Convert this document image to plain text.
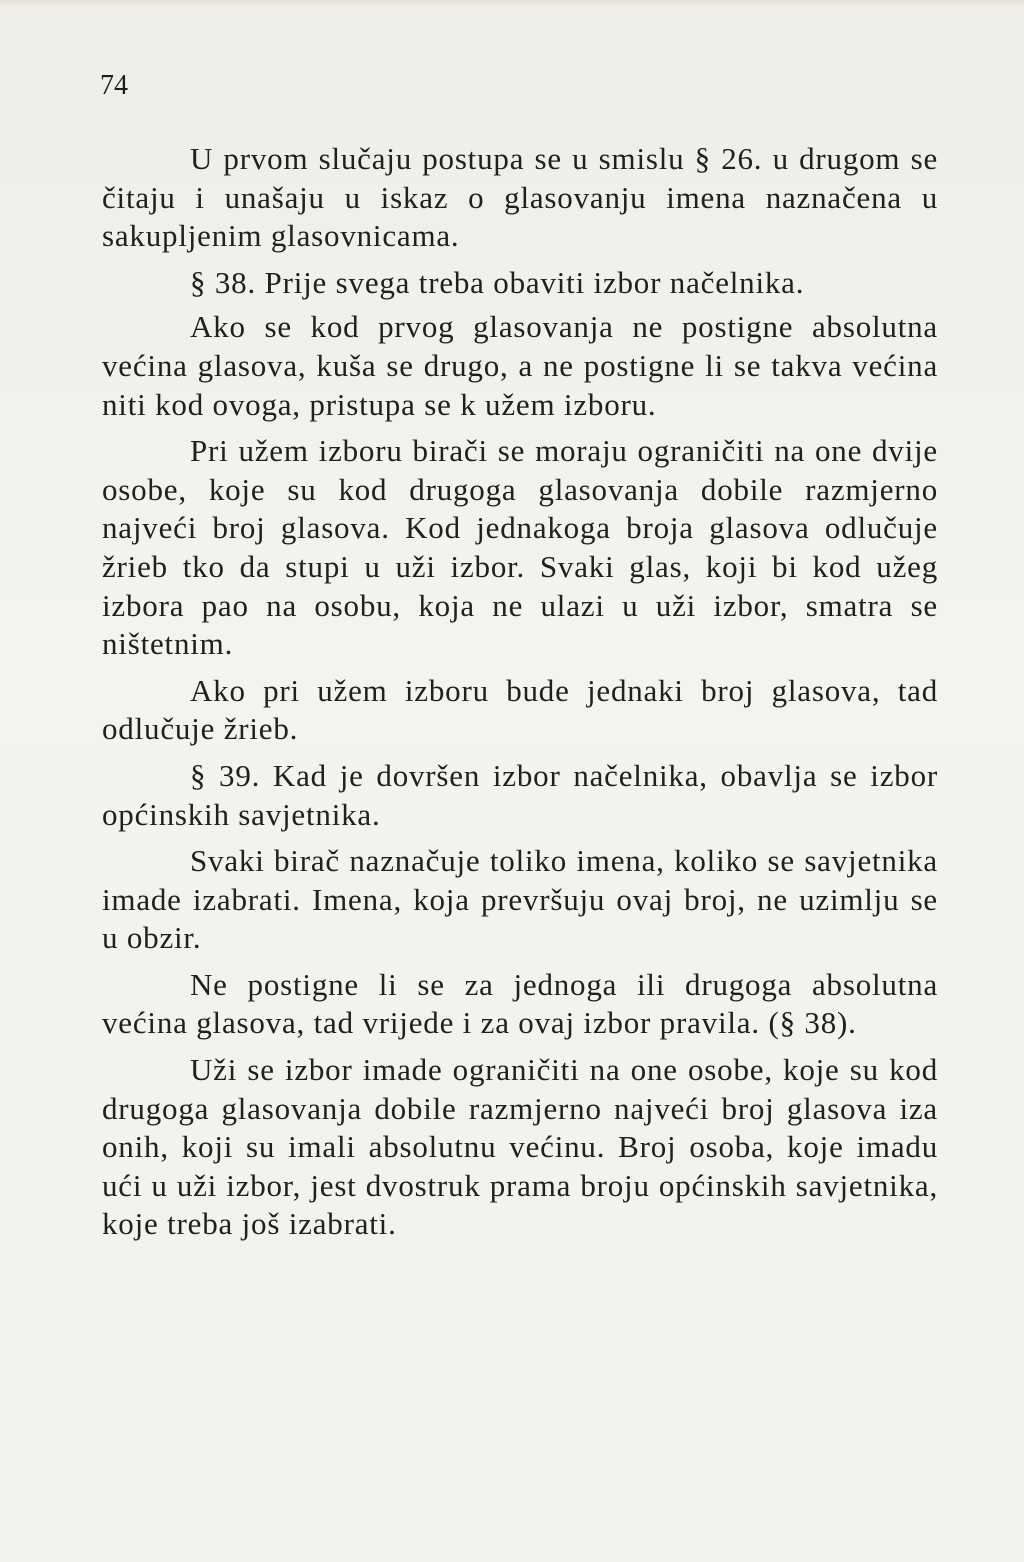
74

U prvom slučaju postupa se u smislu § 26. u drugom se čitaju i unašaju u iskaz o glasovanju imena naznačena u sakupljenim glasovnicama.

§ 38. Prije svega treba obaviti izbor načelnika.

Ako se kod prvog glasovanja ne postigne absolutna većina glasova, kuša se drugo, a ne postigne li se takva većina niti kod ovoga, pristupa se k užem izboru.

Pri užem izboru birači se moraju ograničiti na one dvije osobe, koje su kod drugoga glasovanja dobile razmjerno najveći broj glasova. Kod jednakoga broja glasova odlučuje žrieb tko da stupi u uži izbor. Svaki glas, koji bi kod užeg izbora pao na osobu, koja ne ulazi u uži izbor, smatra se ništetnim.

Ako pri užem izboru bude jednaki broj glasova, tad odlučuje žrieb.

§ 39. Kad je dovršen izbor načelnika, obavlja se izbor općinskih savjetnika.

Svaki birač naznačuje toliko imena, koliko se savjetnika imade izabrati. Imena, koja prevršuju ovaj broj, ne uzimlju se u obzir.

Ne postigne li se za jednoga ili drugoga absolutna većina glasova, tad vrijede i za ovaj izbor pravila. (§ 38).

Uži se izbor imade ograničiti na one osobe, koje su kod drugoga glasovanja dobile razmjerno najveći broj glasova iza onih, koji su imali absolutnu većinu. Broj osoba, koje imadu ući u uži izbor, jest dvostruk prama broju općinskih savjetnika, koje treba još izabrati.
